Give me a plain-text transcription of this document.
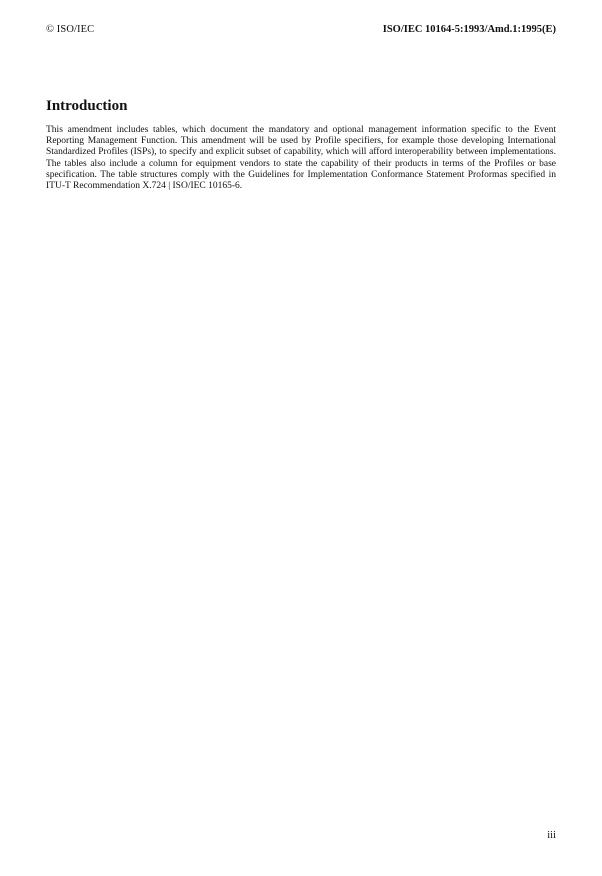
© ISO/IEC	ISO/IEC 10164-5:1993/Amd.1:1995(E)
Introduction

This amendment includes tables, which document the mandatory and optional management information specific to the Event Reporting Management Function. This amendment will be used by Profile specifiers, for example those developing International Standardized Profiles (ISPs), to specify and explicit subset of capability, which will afford interoperability between implementations. The tables also include a column for equipment vendors to state the capability of their products in terms of the Profiles or base specification. The table structures comply with the Guidelines for Implementation Conformance Statement Proformas specified in ITU-T Recommendation X.724 | ISO/IEC 10165-6.

iii
